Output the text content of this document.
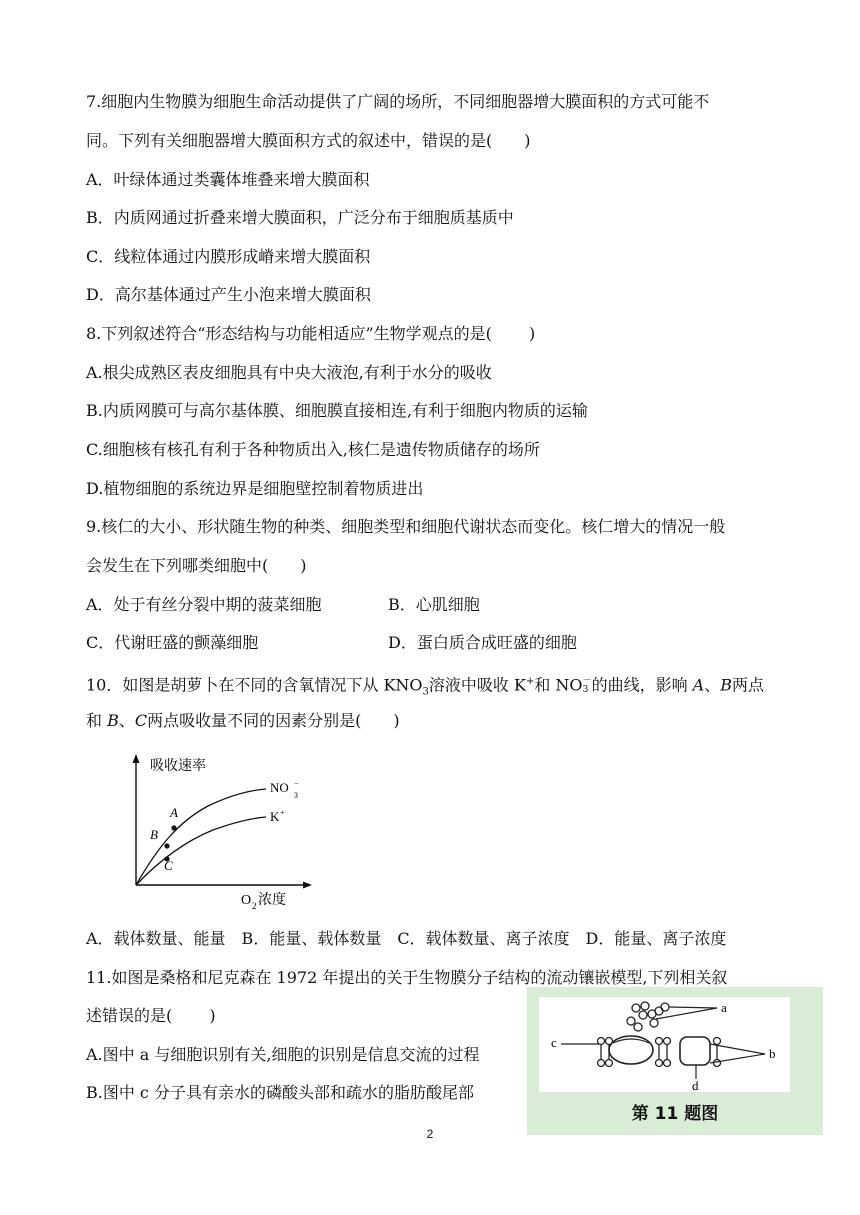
7.细胞内生物膜为细胞生命活动提供了广阔的场所，不同细胞器增大膜面积的方式可能不
同。下列有关细胞器增大膜面积方式的叙述中，错误的是(　　)
A．叶绿体通过类囊体堆叠来增大膜面积
B．内质网通过折叠来增大膜面积，广泛分布于细胞质基质中
C．线粒体通过内膜形成嵴来增大膜面积
D．高尔基体通过产生小泡来增大膜面积
8.下列叙述符合“形态结构与功能相适应”生物学观点的是(　　 )
A.根尖成熟区表皮细胞具有中央大液泡,有利于水分的吸收
B.内质网膜可与高尔基体膜、细胞膜直接相连,有利于细胞内物质的运输
C.细胞核有核孔有利于各种物质出入,核仁是遗传物质储存的场所
D.植物细胞的系统边界是细胞壁控制着物质进出
9.核仁的大小、形状随生物的种类、细胞类型和细胞代谢状态而变化。核仁增大的情况一般
会发生在下列哪类细胞中(　　)
A．处于有丝分裂中期的菠菜细胞	B．心肌细胞
C．代谢旺盛的颤藻细胞	D．蛋白质合成旺盛的细胞
10．如图是胡萝卜在不同的含氧情况下从 $KNO_3$溶液中吸收 K+和 NO －
3 的曲线，影响 A、B两点
和 B、C两点吸收量不同的因素分别是(　　)
吸收速率
A
B
C
NO −
3
K +
O 2 浓度
A．载体数量、能量　B．能量、载体数量　C．载体数量、离子浓度　D．能量、离子浓度
11.如图是桑格和尼克森在 1972 年提出的关于生物膜分子结构的流动镶嵌模型,下列相关叙
述错误的是(　　 )
A.图中 a 与细胞识别有关,细胞的识别是信息交流的过程
B.图中 c 分子具有亲水的磷酸头部和疏水的脂肪酸尾部
a
b
c
d
第 11 题图
2
